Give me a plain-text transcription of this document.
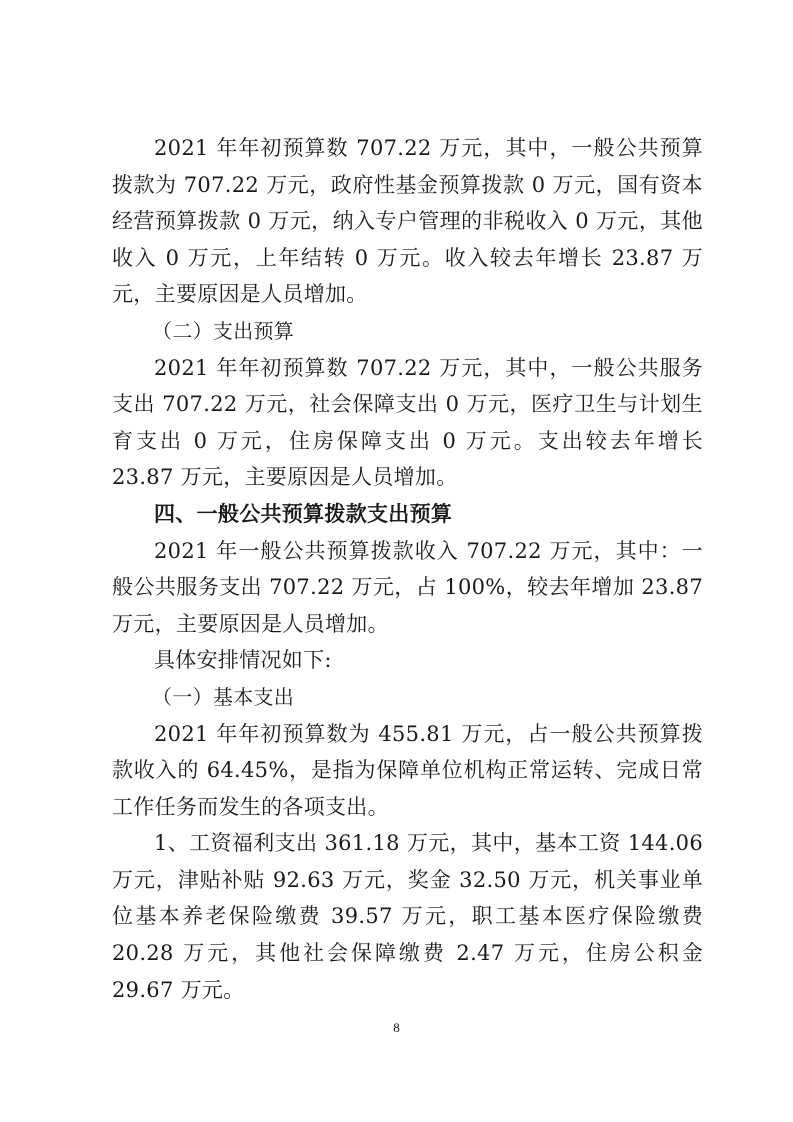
2021 年年初预算数 707.22 万元，其中，一般公共预算拨款为 707.22 万元，政府性基金预算拨款 0 万元，国有资本经营预算拨款 0 万元，纳入专户管理的非税收入 0 万元，其他收入 0 万元，上年结转 0 万元。收入较去年增长 23.87 万元，主要原因是人员增加。

（二）支出预算

2021 年年初预算数 707.22 万元，其中，一般公共服务支出 707.22 万元，社会保障支出 0 万元，医疗卫生与计划生育支出 0 万元，住房保障支出 0 万元。支出较去年增长 23.87 万元，主要原因是人员增加。

四、一般公共预算拨款支出预算

2021 年一般公共预算拨款收入 707.22 万元，其中：一般公共服务支出 707.22 万元，占 100%，较去年增加 23.87 万元，主要原因是人员增加。

具体安排情况如下:

（一）基本支出

2021 年年初预算数为 455.81 万元，占一般公共预算拨款收入的 64.45%，是指为保障单位机构正常运转、完成日常工作任务而发生的各项支出。

1、工资福利支出 361.18 万元，其中，基本工资 144.06 万元，津贴补贴 92.63 万元，奖金 32.50 万元，机关事业单位基本养老保险缴费 39.57 万元，职工基本医疗保险缴费 20.28 万元，其他社会保障缴费 2.47 万元，住房公积金 29.67 万元。

8
